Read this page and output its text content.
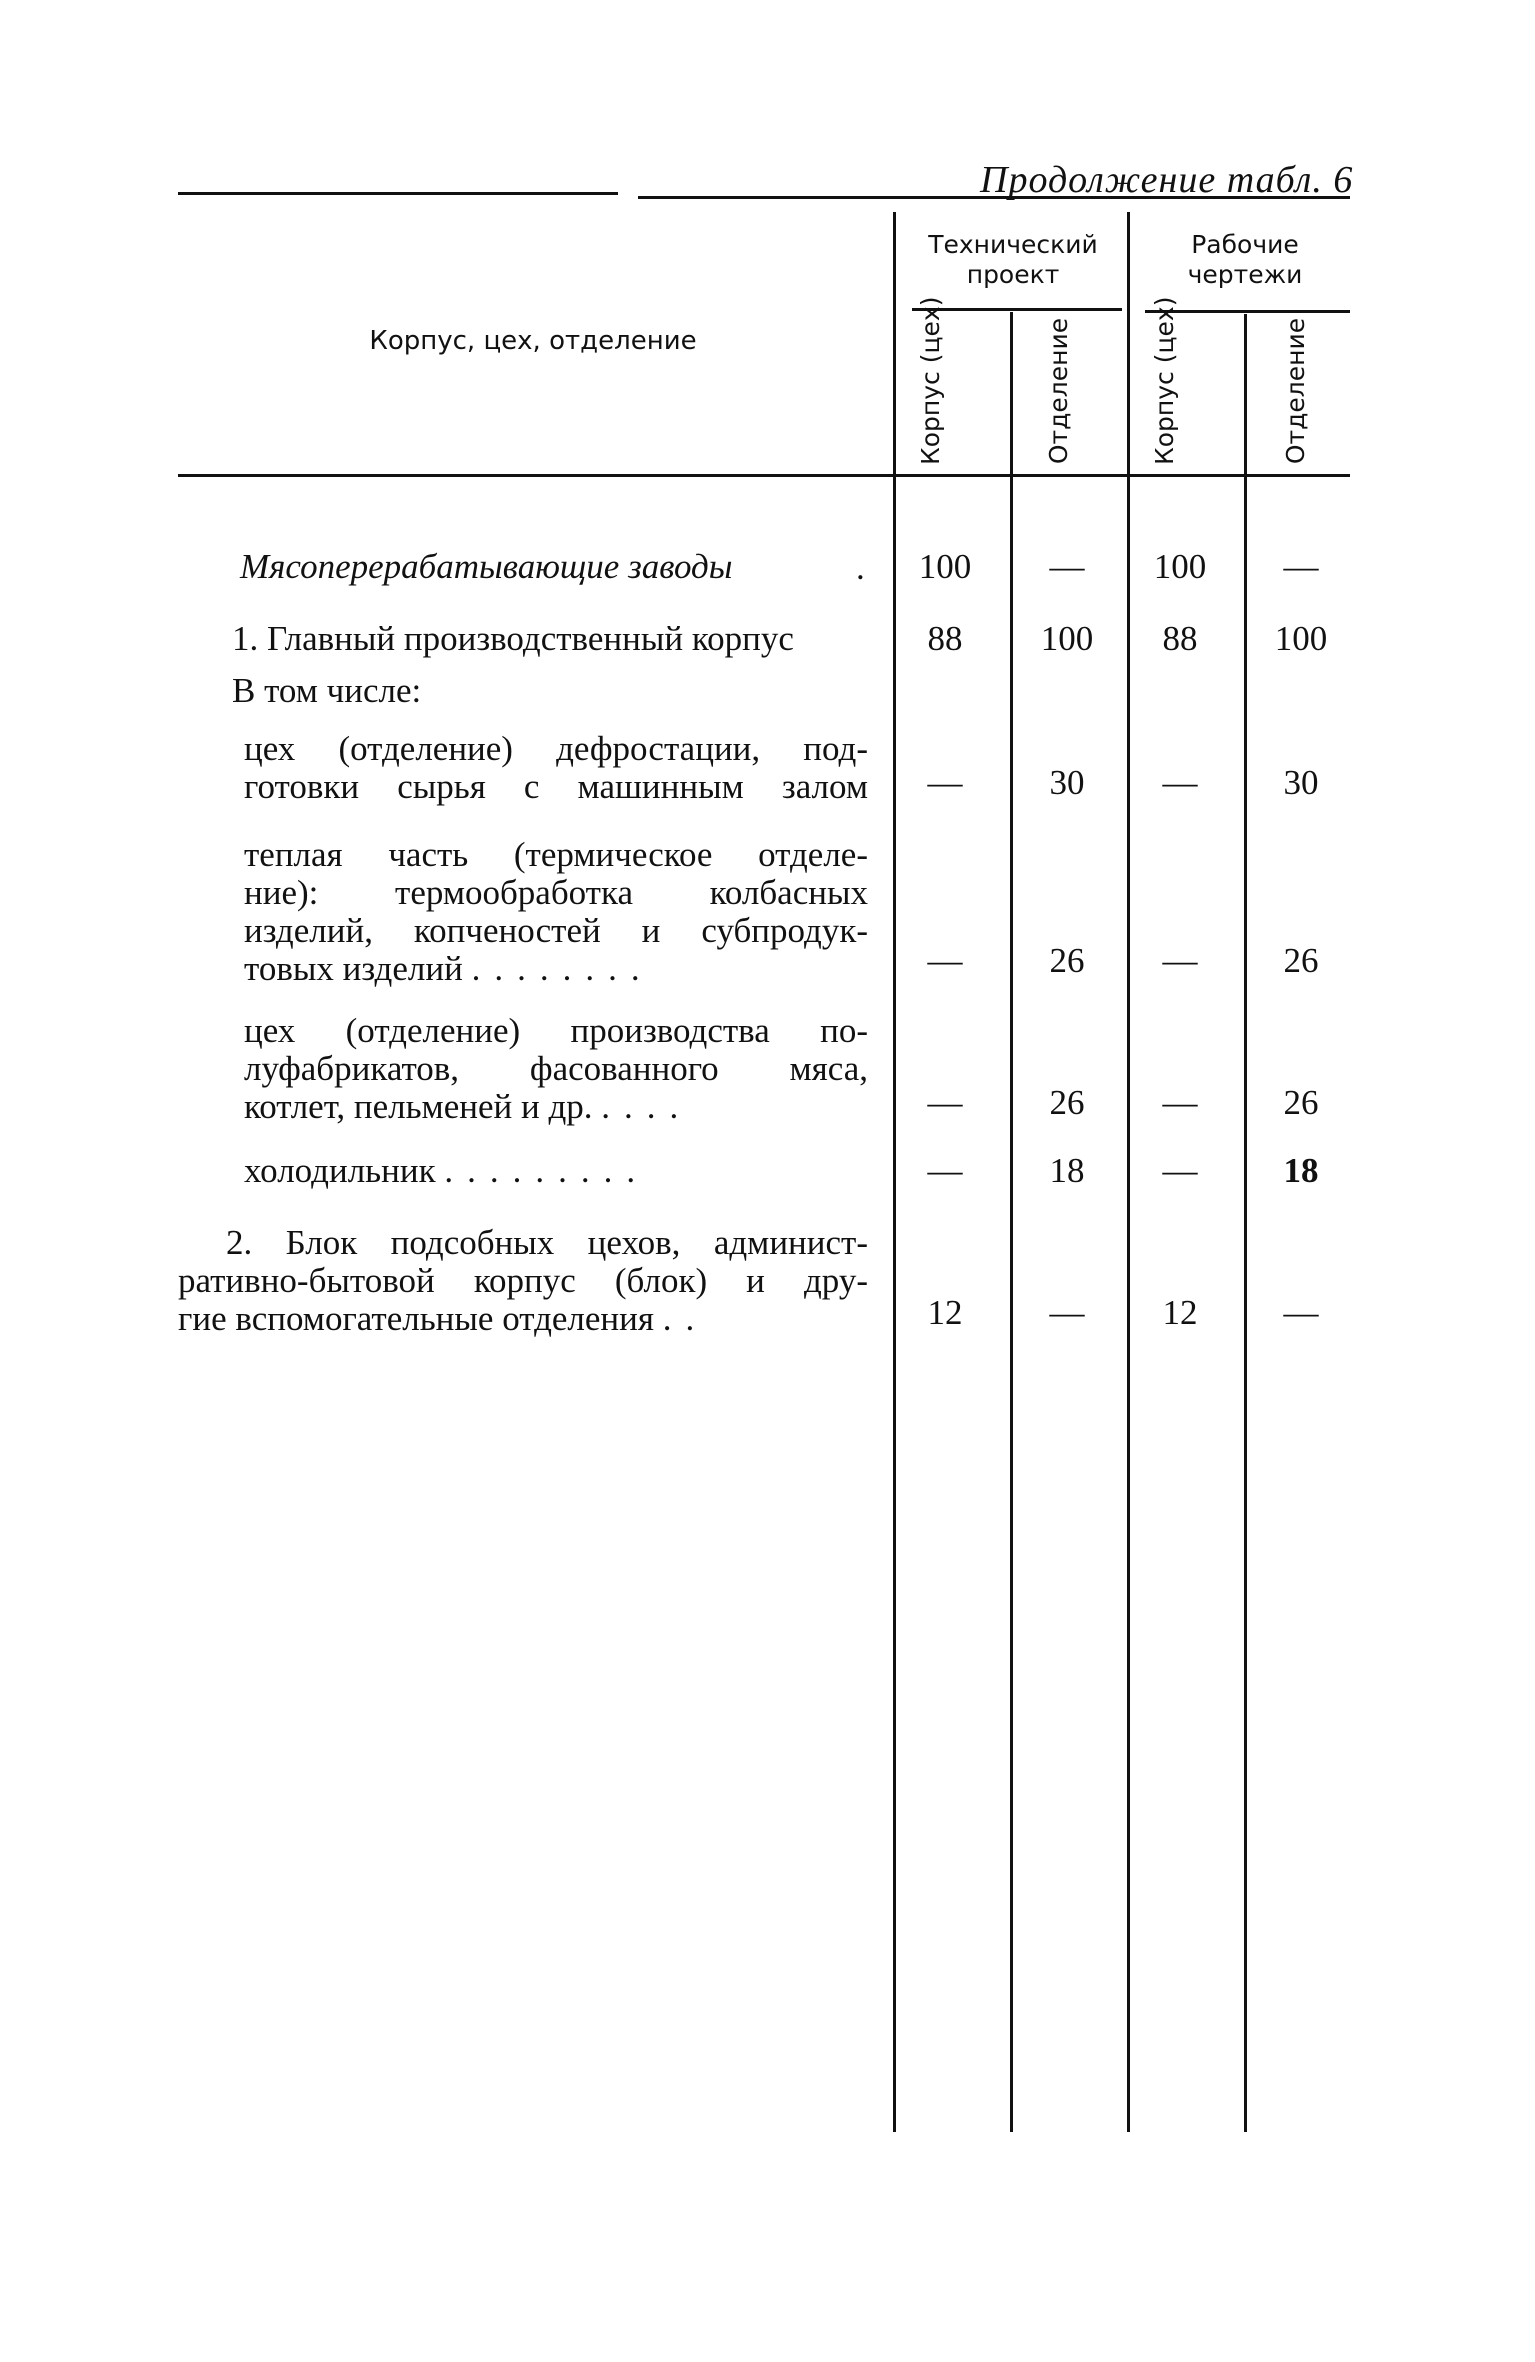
Продолжение табл. 6
Корпус, цех, отделение
Технический проект
Рабочие чертежи
Корпус (цех)	Отделение	Корпус (цех)	Отделение
Мясоперерабатывающие заводы	.	100	—	100	—
1. Главный производственный корпус	88	100	88	100
В том числе:
цех (отделение) дефростации, под-
готовки сырья с машинным залом	—	30	—	30
теплая часть (термическое отделе-
ние): термообработка колбасных
изделий, копченостей и субпродук-
товых изделий ........	—	26	—	26
цех (отделение) производства по-
луфабрикатов, фасованного мяса,
котлет, пельменей и др. ....	—	26	—	26
холодильник .........	—	18	—	18
2. Блок подсобных цехов, админист-
ративно-бытовой корпус (блок) и дру-
гие вспомогательные отделения ..	12	—	12	—
